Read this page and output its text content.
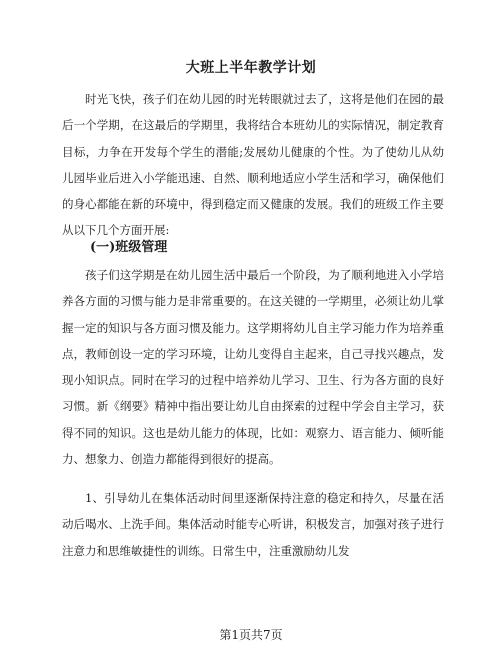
大班上半年教学计划

时光飞快，孩子们在幼儿园的时光转眼就过去了，这将是他们在园的最后一个学期，在这最后的学期里，我将结合本班幼儿的实际情况，制定教育目标，力争在开发每个学生的潜能;发展幼儿健康的个性。为了使幼儿从幼儿园毕业后进入小学能迅速、自然、顺利地适应小学生活和学习，确保他们的身心都能在新的环境中，得到稳定而又健康的发展。我们的班级工作主要从以下几个方面开展:

(一)班级管理

孩子们这学期是在幼儿园生活中最后一个阶段，为了顺利地进入小学培养各方面的习惯与能力是非常重要的。在这关键的一学期里，必须让幼儿掌握一定的知识与各方面习惯及能力。这学期将幼儿自主学习能力作为培养重点，教师创设一定的学习环境，让幼儿变得自主起来，自己寻找兴趣点，发现小知识点。同时在学习的过程中培养幼儿学习、卫生、行为各方面的良好习惯。新《纲要》精神中指出要让幼儿自由探索的过程中学会自主学习，获得不同的知识。这也是幼儿能力的体现，比如：观察力、语言能力、倾听能力、想象力、创造力都能得到很好的提高。

1、引导幼儿在集体活动时间里逐渐保持注意的稳定和持久，尽量在活动后喝水、上洗手间。集体活动时能专心听讲，积极发言，加强对孩子进行注意力和思维敏捷性的训练。日常生中，注重激励幼儿发

第1页共7页
